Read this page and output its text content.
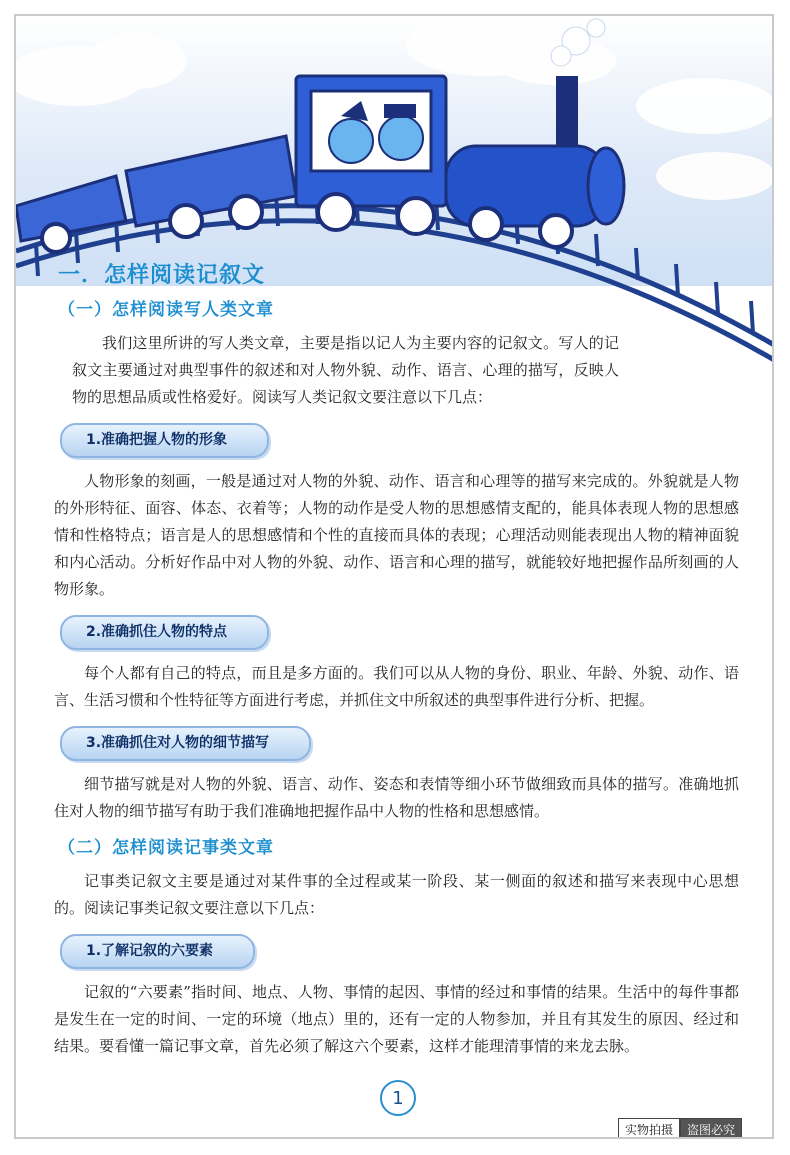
一．怎样阅读记叙文
（一）怎样阅读写人类文章

我们这里所讲的写人类文章，主要是指以记人为主要内容的记叙文。写人的记叙文主要通过对典型事件的叙述和对人物外貌、动作、语言、心理的描写，反映人物的思想品质或性格爱好。阅读写人类记叙文要注意以下几点：

1.准确把握人物的形象

人物形象的刻画，一般是通过对人物的外貌、动作、语言和心理等的描写来完成的。外貌就是人物的外形特征、面容、体态、衣着等；人物的动作是受人物的思想感情支配的，能具体表现人物的思想感情和性格特点；语言是人的思想感情和个性的直接而具体的表现；心理活动则能表现出人物的精神面貌和内心活动。分析好作品中对人物的外貌、动作、语言和心理的描写，就能较好地把握作品所刻画的人物形象。

2.准确抓住人物的特点

每个人都有自己的特点，而且是多方面的。我们可以从人物的身份、职业、年龄、外貌、动作、语言、生活习惯和个性特征等方面进行考虑，并抓住文中所叙述的典型事件进行分析、把握。

3.准确抓住对人物的细节描写

细节描写就是对人物的外貌、语言、动作、姿态和表情等细小环节做细致而具体的描写。准确地抓住对人物的细节描写有助于我们准确地把握作品中人物的性格和思想感情。

（二）怎样阅读记事类文章

记事类记叙文主要是通过对某件事的全过程或某一阶段、某一侧面的叙述和描写来表现中心思想的。阅读记事类记叙文要注意以下几点：

1.了解记叙的六要素

记叙的“六要素”指时间、地点、人物、事情的起因、事情的经过和事情的结果。生活中的每件事都是发生在一定的时间、一定的环境（地点）里的，还有一定的人物参加，并且有其发生的原因、经过和结果。要看懂一篇记事文章，首先必须了解这六个要素，这样才能理清事情的来龙去脉。

1
实物拍摄	盗图必究
